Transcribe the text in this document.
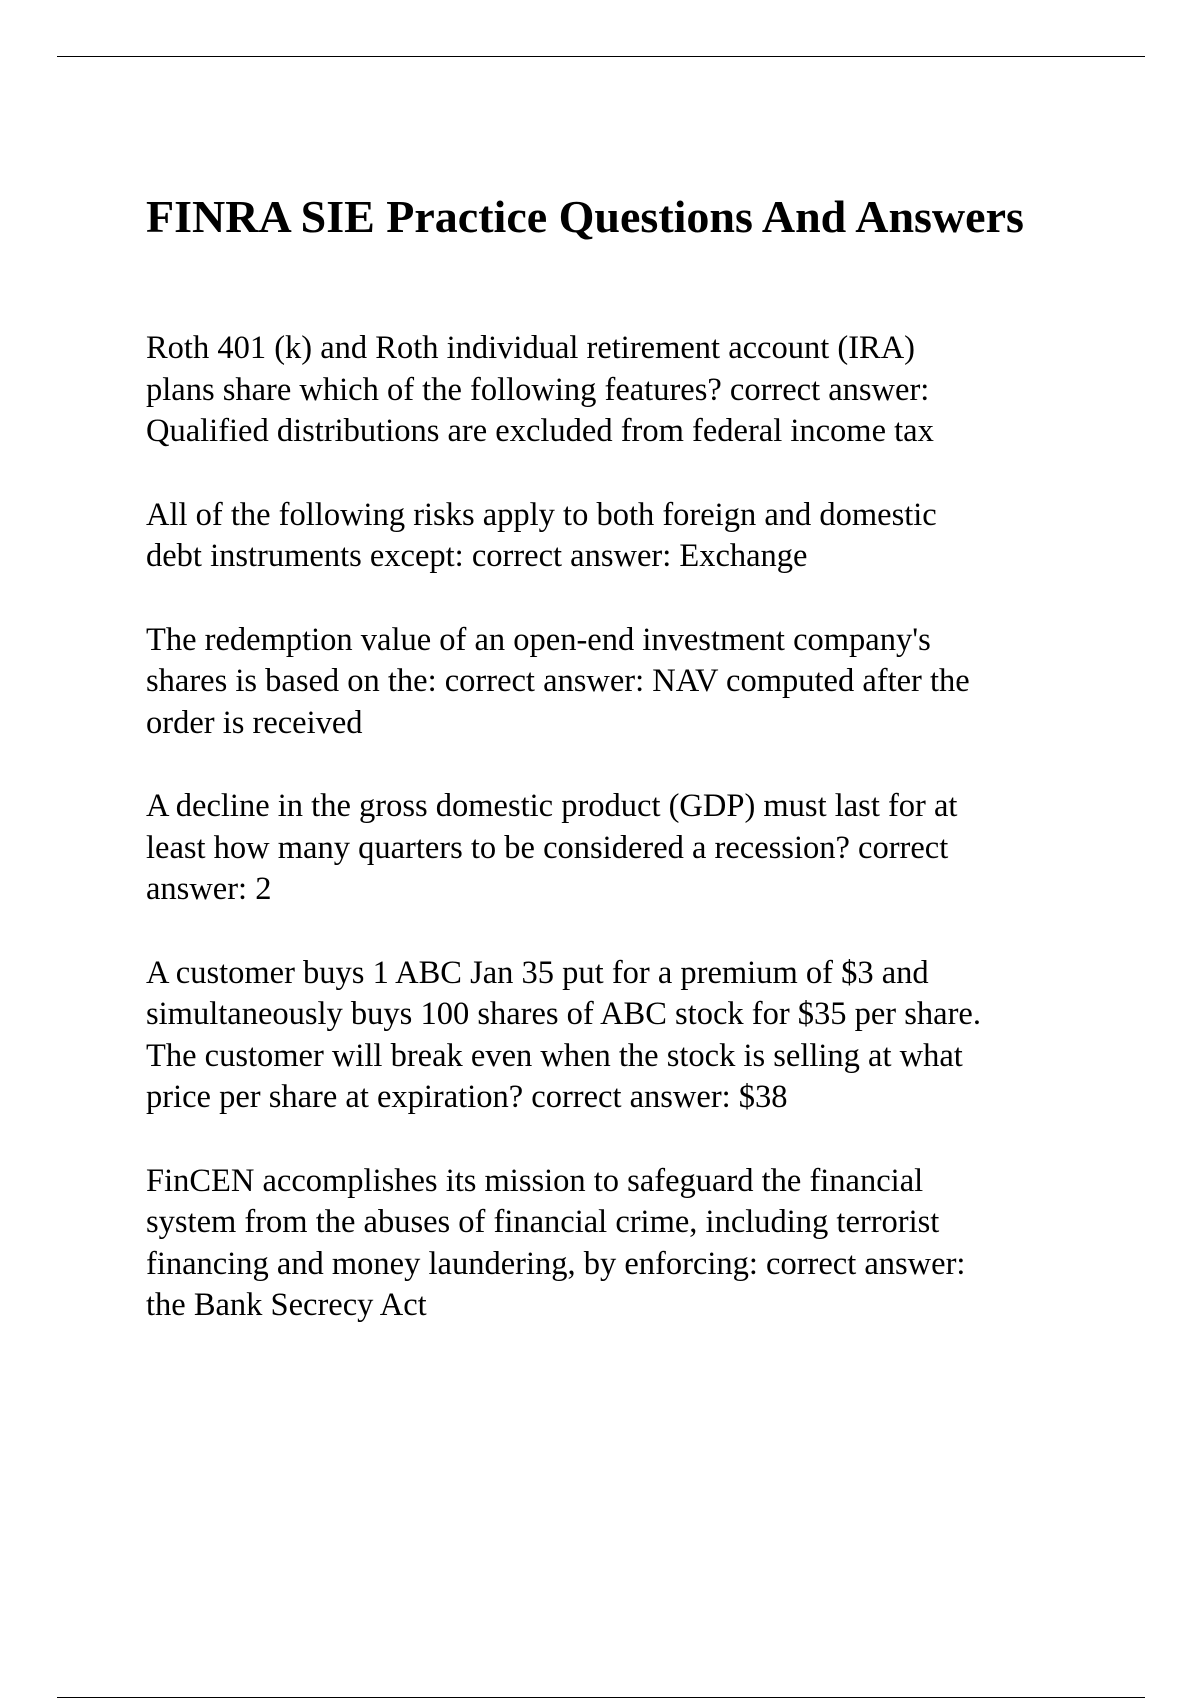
FINRA SIE Practice Questions And Answers
Roth 401 (k) and Roth individual retirement account (IRA)
plans share which of the following features? correct answer:
Qualified distributions are excluded from federal income tax
All of the following risks apply to both foreign and domestic
debt instruments except: correct answer: Exchange
The redemption value of an open-end investment company's
shares is based on the: correct answer: NAV computed after the
order is received
A decline in the gross domestic product (GDP) must last for at
least how many quarters to be considered a recession? correct
answer: 2
A customer buys 1 ABC Jan 35 put for a premium of $3 and
simultaneously buys 100 shares of ABC stock for $35 per share.
The customer will break even when the stock is selling at what
price per share at expiration? correct answer: $38
FinCEN accomplishes its mission to safeguard the financial
system from the abuses of financial crime, including terrorist
financing and money laundering, by enforcing: correct answer:
the Bank Secrecy Act
